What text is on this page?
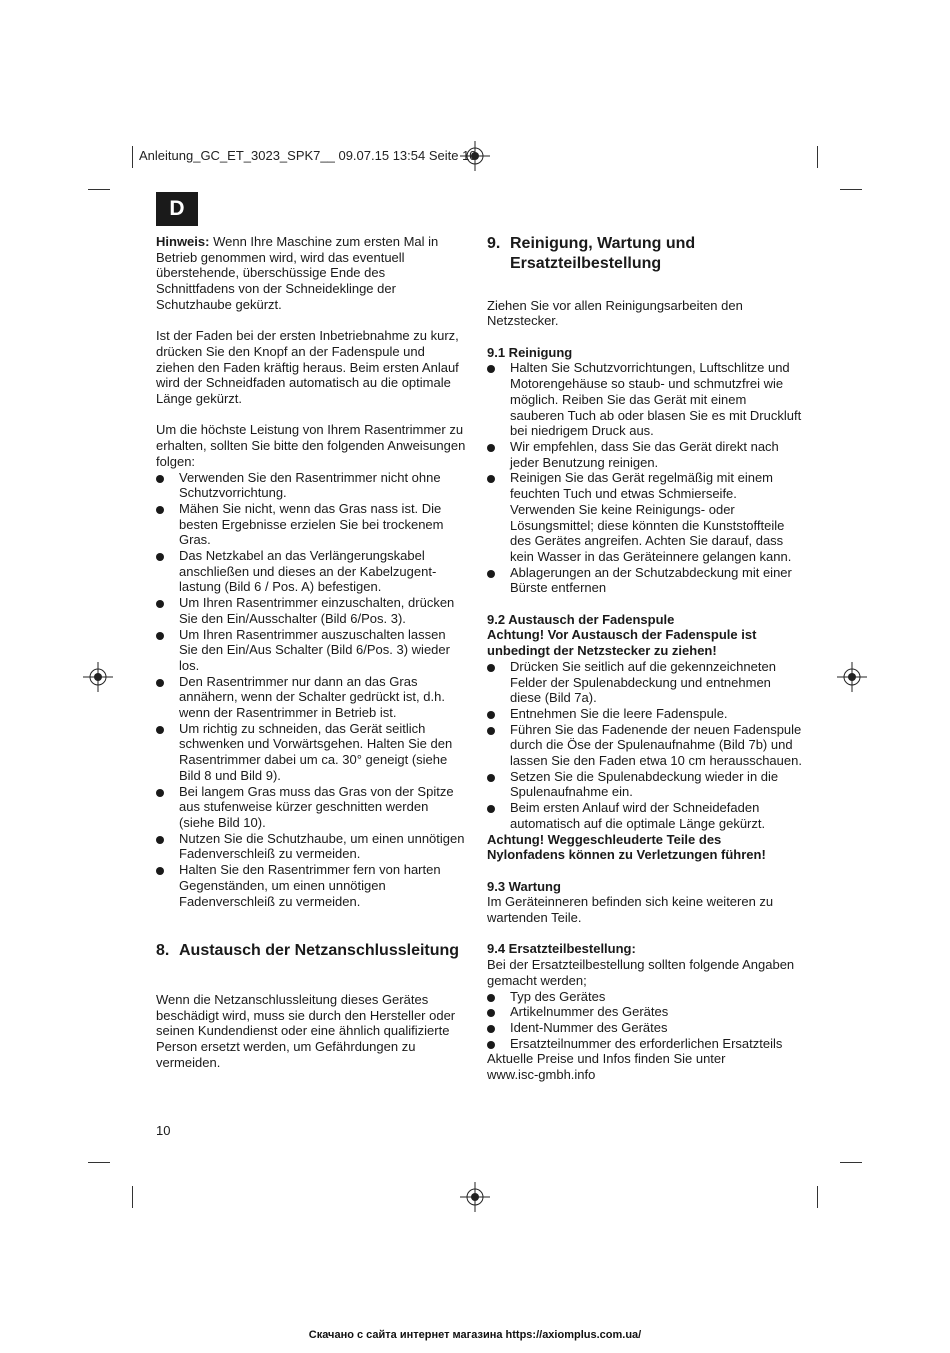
Anleitung_GC_ET_3023_SPK7__ 09.07.15 13:54 Seite 10
D

Hinweis: Wenn Ihre Maschine zum ersten Mal in Betrieb genommen wird, wird das eventuell überstehende, überschüssige Ende des Schnittfadens von der Schneideklinge der Schutzhaube gekürzt.

Ist der Faden bei der ersten Inbetriebnahme zu kurz, drücken Sie den Knopf an der Fadenspule und ziehen den Faden kräftig heraus. Beim ersten Anlauf wird der Schneidfaden automatisch au die optimale Länge gekürzt.

Um die höchste Leistung von Ihrem Rasentrimmer zu erhalten, sollten Sie bitte den folgenden Anweisungen folgen:

Verwenden Sie den Rasentrimmer nicht ohne Schutzvorrichtung.
Mähen Sie nicht, wenn das Gras nass ist. Die besten Ergebnisse erzielen Sie bei trockenem Gras.
Das Netzkabel an das Verlängerungskabel anschließen und dieses an der Kabelzugent-lastung (Bild 6 / Pos. A) befestigen.
Um Ihren Rasentrimmer einzuschalten, drücken Sie den Ein/Ausschalter (Bild 6/Pos. 3).
Um Ihren Rasentrimmer auszuschalten lassen Sie den Ein/Aus Schalter (Bild 6/Pos. 3) wieder los.
Den Rasentrimmer nur dann an das Gras annähern, wenn der Schalter gedrückt ist, d.h. wenn der Rasentrimmer in Betrieb ist.
Um richtig zu schneiden, das Gerät seitlich schwenken und Vorwärtsgehen. Halten Sie den Rasentrimmer dabei um ca. 30° geneigt (siehe Bild 8 und Bild 9).
Bei langem Gras muss das Gras von der Spitze aus stufenweise kürzer geschnitten werden (siehe Bild 10).
Nutzen Sie die Schutzhaube, um einen unnötigen Fadenverschleiß zu vermeiden.
Halten Sie den Rasentrimmer fern von harten Gegenständen, um einen unnötigen Fadenverschleiß zu vermeiden.
8. Austausch der Netzanschlussleitung

Wenn die Netzanschlussleitung dieses Gerätes beschädigt wird, muss sie durch den Hersteller oder seinen Kundendienst oder eine ähnlich qualifizierte Person ersetzt werden, um Gefährdungen zu vermeiden.

9. Reinigung, Wartung und Ersatzteilbestellung

Ziehen Sie vor allen Reinigungsarbeiten den Netzstecker.

9.1 Reinigung

Halten Sie Schutzvorrichtungen, Luftschlitze und Motorengehäuse so staub- und schmutzfrei wie möglich. Reiben Sie das Gerät mit einem sauberen Tuch ab oder blasen Sie es mit Druckluft bei niedrigem Druck aus.
Wir empfehlen, dass Sie das Gerät direkt nach jeder Benutzung reinigen.
Reinigen Sie das Gerät regelmäßig mit einem feuchten Tuch und etwas Schmierseife. Verwenden Sie keine Reinigungs- oder Lösungsmittel; diese könnten die Kunststoffteile des Gerätes angreifen. Achten Sie darauf, dass kein Wasser in das Geräteinnere gelangen kann.
Ablagerungen an der Schutzabdeckung mit einer Bürste entfernen

9.2 Austausch der Fadenspule

Achtung! Vor Austausch der Fadenspule ist unbedingt der Netzstecker zu ziehen!

Drücken Sie seitlich auf die gekennzeichneten Felder der Spulenabdeckung und entnehmen diese (Bild 7a).
Entnehmen Sie die leere Fadenspule.
Führen Sie das Fadenende der neuen Fadenspule durch die Öse der Spulenaufnahme (Bild 7b) und lassen Sie den Faden etwa 10 cm herausschauen.
Setzen Sie die Spulenabdeckung wieder in die Spulenaufnahme ein.
Beim ersten Anlauf wird der Schneidefaden automatisch auf die optimale Länge gekürzt.

Achtung! Weggeschleuderte Teile des Nylonfadens können zu Verletzungen führen!

9.3 Wartung

Im Geräteinneren befinden sich keine weiteren zu wartenden Teile.

9.4 Ersatzteilbestellung:

Bei der Ersatzteilbestellung sollten folgende Angaben gemacht werden;

Typ des Gerätes
Artikelnummer des Gerätes
Ident-Nummer des Gerätes
Ersatzteilnummer des erforderlichen Ersatzteils

Aktuelle Preise und Infos finden Sie unter

www.isc-gmbh.info

10
Скачано с сайта интернет магазина https://axiomplus.com.ua/
